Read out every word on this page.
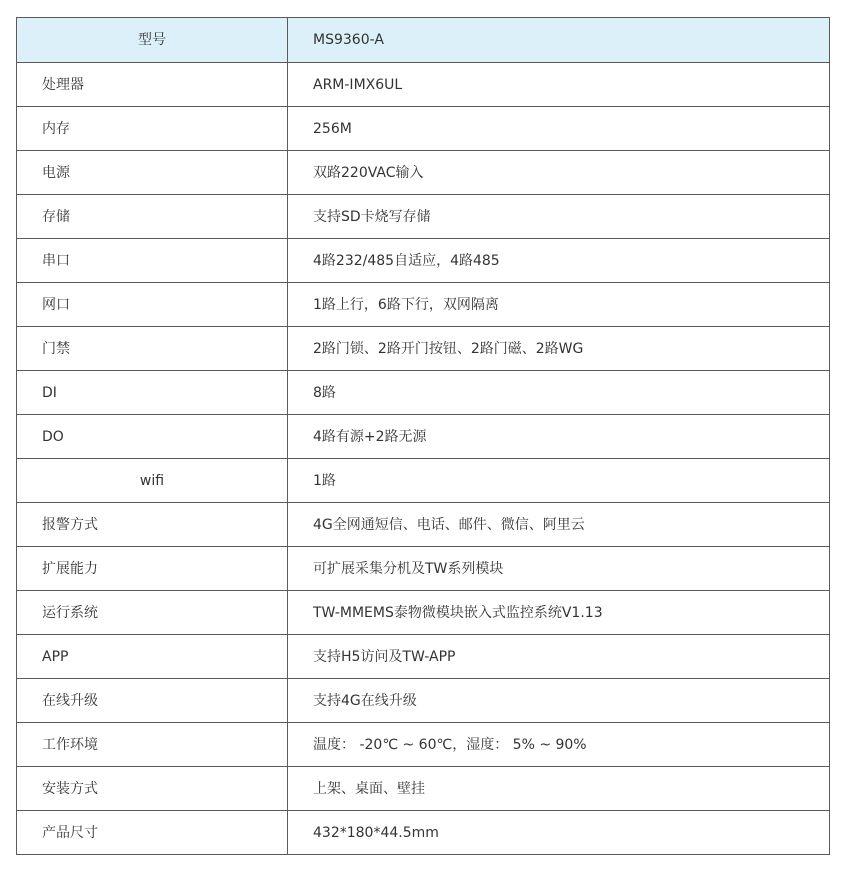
型号	MS9360-A
处理器	ARM-IMX6UL
内存	256M
电源	双路220VAC输入
存储	支持SD卡烧写存储
串口	4路232/485自适应，4路485
网口	1路上行，6路下行，双网隔离
门禁	2路门锁、2路开门按钮、2路门磁、2路WG
DI	8路
DO	4路有源+2路无源
wifi	1路
报警方式	4G全网通短信、电话、邮件、微信、阿里云
扩展能力	可扩展采集分机及TW系列模块
运行系统	TW-MMEMS泰物微模块嵌入式监控系统V1.13
APP	支持H5访问及TW-APP
在线升级	支持4G在线升级
工作环境	温度： -20℃ ~ 60℃，湿度： 5% ~ 90%
安装方式	上架、桌面、壁挂
产品尺寸	432*180*44.5mm
